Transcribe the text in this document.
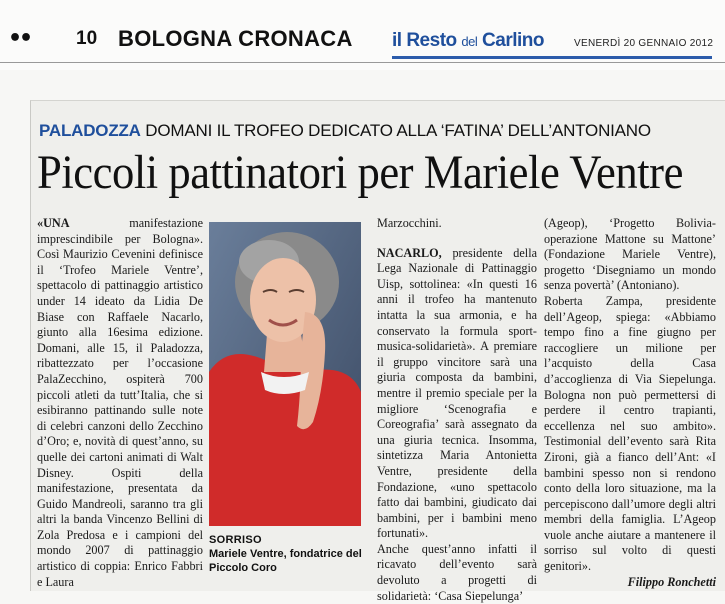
•• 10 BOLOGNA CRONACA il Resto del Carlino	VENERDÌ 20 GENNAIO 2012
PALADOZZA DOMANI IL TROFEO DEDICATO ALLA ‘FATINA’ DELL’ANTONIANO
Piccoli pattinatori per Mariele Ventre

«UNA manifestazione imprescindibile per Bologna». Così Maurizio Cevenini definisce il ‘Trofeo Mariele Ventre’, spettacolo di pattinaggio artistico under 14 ideato da Lidia De Biase con Raffaele Nacarlo, giunto alla 16esima edizione. Domani, alle 15, il Paladozza, ribattezzato per l’occasione PalaZecchino, ospiterà 700 piccoli atleti da tutt’Italia, che si esibiranno pattinando sulle note di celebri canzoni dello Zecchino d’Oro; e, novità di quest’anno, su quelle dei cartoni animati di Walt Disney. Ospiti della manifestazione, presentata da Guido Mandreoli, saranno tra gli altri la banda Vincenzo Bellini di Zola Predosa e i campioni del mondo 2007 di pattinaggio artistico di coppia: Enrico Fabbri e Laura

SORRISO
Mariele Ventre, fondatrice del Piccolo Coro

Marzocchini.

NACARLO, presidente della Lega Nazionale di Pattinaggio Uisp, sottolinea: «In questi 16 anni il trofeo ha mantenuto intatta la sua armonia, e ha conservato la formula sport-musica-solidarietà». A premiare il gruppo vincitore sarà una giuria composta da bambini, mentre il premio speciale per la migliore ‘Scenografia e Coreografia’ sarà assegnato da una giuria tecnica. Insomma, sintetizza Maria Antonietta Ventre, presidente della Fondazione, «uno spettacolo fatto dai bambini, giudicato dai bambini, per i bambini meno fortunati».

Anche quest’anno infatti il ricavato dell’evento sarà devoluto a progetti di solidarietà: ‘Casa Siepelunga’

(Ageop), ‘Progetto Bolivia-operazione Mattone su Mattone’ (Fondazione Mariele Ventre), progetto ‘Disegniamo un mondo senza povertà’ (Antoniano).

Roberta Zampa, presidente dell’Ageop, spiega: «Abbiamo tempo fino a fine giugno per raccogliere un milione per l’acquisto della Casa d’accoglienza di Via Siepelunga. Bologna non può permettersi di perdere il centro trapianti, eccellenza nel suo ambito». Testimonial dell’evento sarà Rita Zironi, già a fianco dell’Ant: «I bambini spesso non si rendono conto della loro situazione, ma la percepiscono dall’umore degli altri membri della famiglia. L’Ageop vuole anche aiutare a mantenere il sorriso sul volto di questi genitori».

Filippo Ronchetti
